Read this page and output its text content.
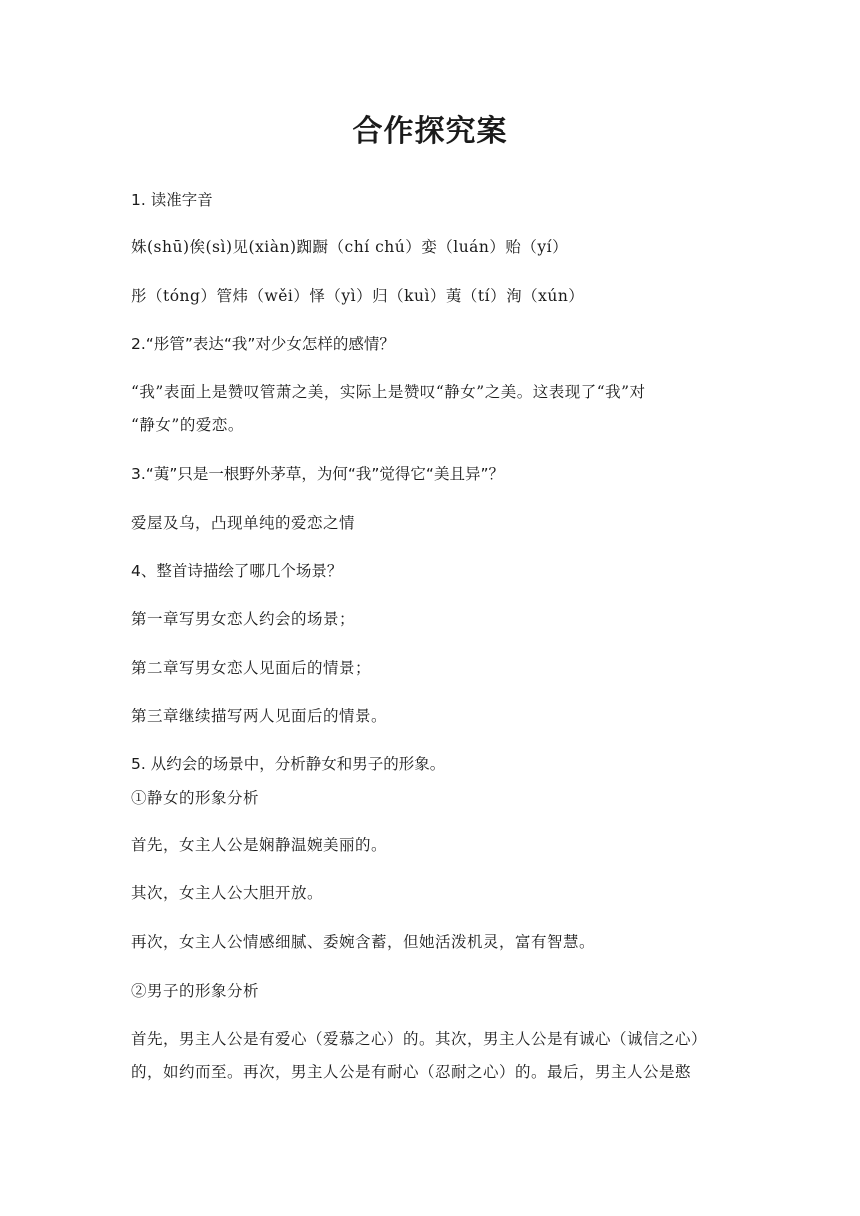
合作探究案
1. 读准字音
姝(shū)俟(sì)见(xiàn)踟蹰（chí chú）娈（luán）贻（yí）
彤（tóng）管炜（wěi）怿（yì）归（kuì）荑（tí）洵（xún）
2.“彤管”表达“我”对少女怎样的感情？
“我”表面上是赞叹管萧之美，实际上是赞叹“静女”之美。这表现了“我”对
“静女”的爱恋。
3.“荑”只是一根野外茅草，为何“我”觉得它“美且异”？
爱屋及乌，凸现单纯的爱恋之情
4、整首诗描绘了哪几个场景？
第一章写男女恋人约会的场景；
第二章写男女恋人见面后的情景；
第三章继续描写两人见面后的情景。
5. 从约会的场景中，分析静女和男子的形象。
①静女的形象分析
首先，女主人公是娴静温婉美丽的。
其次，女主人公大胆开放。
再次，女主人公情感细腻、委婉含蓄，但她活泼机灵，富有智慧。
②男子的形象分析
首先，男主人公是有爱心（爱慕之心）的。其次，男主人公是有诚心（诚信之心）
的，如约而至。再次，男主人公是有耐心（忍耐之心）的。最后，男主人公是憨
